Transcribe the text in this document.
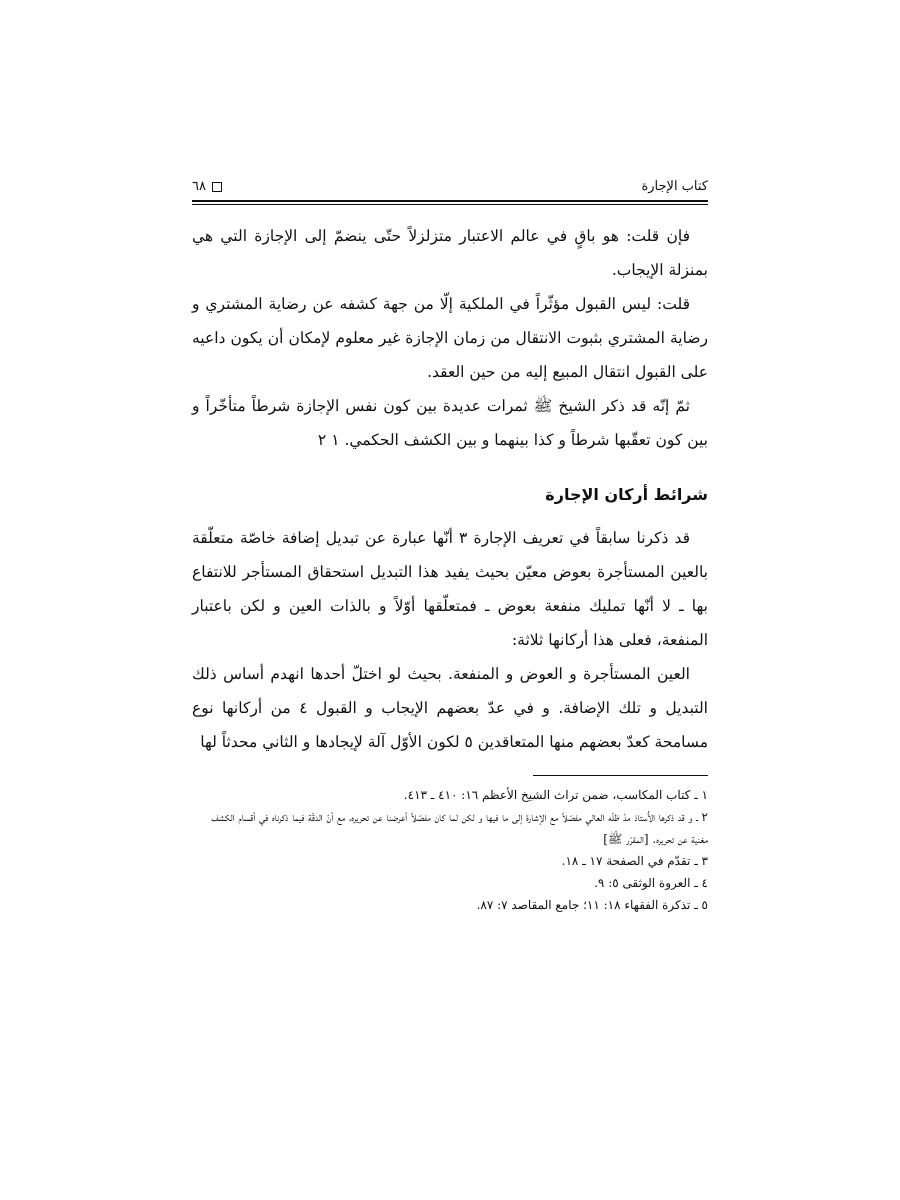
كتاب الإجارة
٦٨

فإن قلت: هو باقٍ في عالم الاعتبار متزلزلاً حتّى ينضمّ إلى الإجازة التي هي بمنزلة الإيجاب.

قلت: ليس القبول مؤثّراً في الملكية إلّا من جهة كشفه عن رضاية المشتري و رضاية المشتري بثبوت الانتقال من زمان الإجازة غير معلوم لإمكان أن يكون داعيه على القبول انتقال المبيع إليه من حين العقد.

ثمّ إنّه قد ذكر الشيخ ﷺ ثمرات عديدة بين كون نفس الإجازة شرطاً متأخّراً و بين كون تعقّبها شرطاً و كذا بينهما و بين الكشف الحكمي. ١ ٢

شرائط أركان الإجارة

قد ذكرنا سابقاً في تعريف الإجارة ٣ أنّها عبارة عن تبديل إضافة خاصّة متعلّقة بالعين المستأجرة بعوض معيّن بحيث يفيد هذا التبديل استحقاق المستأجر للانتفاع بها ـ لا أنّها تمليك منفعة بعوض ـ فمتعلّقها أوّلاً و بالذات العين و لكن باعتبار المنفعة، فعلى هذا أركانها ثلاثة:

العين المستأجرة و العوض و المنفعة. بحيث لو اختلّ أحدها انهدم أساس ذلك التبديل و تلك الإضافة. و في عدّ بعضهم الإيجاب و القبول ٤ من أركانها نوع مسامحة كعدّ بعضهم منها المتعاقدين ٥ لكون الأوّل آلة لإيجادها و الثاني محدثاً لها

١ ـ كتاب المكاسب، ضمن تراث الشيخ الأعظم ١٦: ٤١٠ ـ ٤١٣.

٢ ـ و قد ذكرها الأُستاذ مدّ ظلّه العالي مفصّلاً مع الإشارة إلى ما فيها و لكن لما كان مفصّلاً أعرضنا عن تحريره، مع أنّ الدقّة فيما ذكرناه في أقسام الكشف مغنية عن تحريره. [المقرّر ﷺ]

٣ ـ تقدّم في الصفحة ١٧ ـ ١٨.

٤ ـ العروة الوثقى ٥: ٩.

٥ ـ تذكرة الفقهاء ١٨: ١١؛ جامع المقاصد ٧: ٨٧.
